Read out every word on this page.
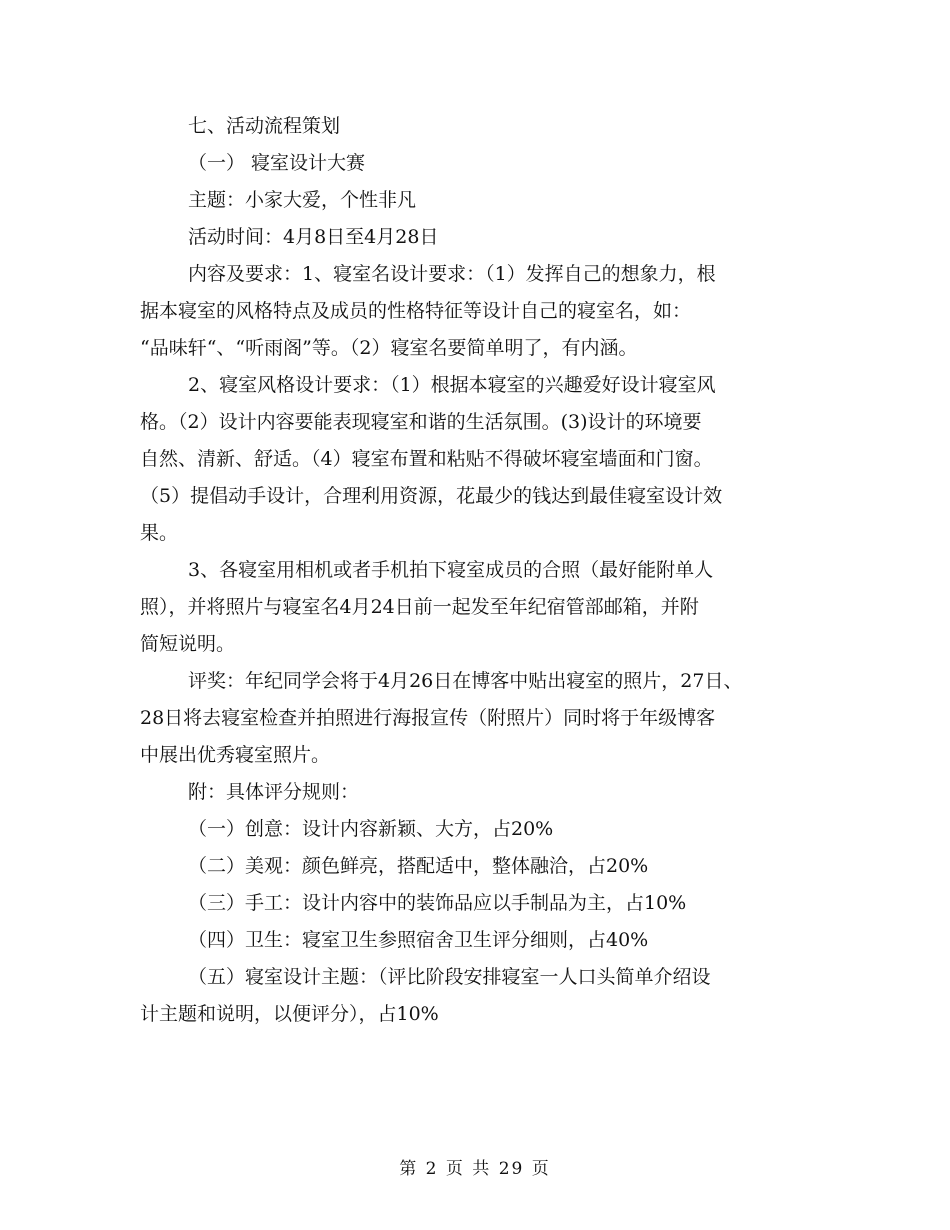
七、活动流程策划
（一） 寝室设计大赛
主题：小家大爱，个性非凡
活动时间：4月8日至4月28日
内容及要求：1、寝室名设计要求：（1）发挥自己的想象力，根
据本寝室的风格特点及成员的性格特征等设计自己的寝室名，如：
“品味轩“、“听雨阁”等。（2）寝室名要简单明了，有内涵。
2、寝室风格设计要求：（1）根据本寝室的兴趣爱好设计寝室风
格。（2）设计内容要能表现寝室和谐的生活氛围。(3)设计的环境要
自然、清新、舒适。（4）寝室布置和粘贴不得破坏寝室墙面和门窗。
（5）提倡动手设计，合理利用资源，花最少的钱达到最佳寝室设计效
果。
3、各寝室用相机或者手机拍下寝室成员的合照（最好能附单人
照），并将照片与寝室名4月24日前一起发至年纪宿管部邮箱，并附
简短说明。
评奖：年纪同学会将于4月26日在博客中贴出寝室的照片，27日、
28日将去寝室检查并拍照进行海报宣传（附照片）同时将于年级博客
中展出优秀寝室照片。
附：具体评分规则：
（一）创意：设计内容新颖、大方，占20%
（二）美观：颜色鲜亮，搭配适中，整体融洽，占20%
（三）手工：设计内容中的装饰品应以手制品为主，占10%
（四）卫生：寝室卫生参照宿舍卫生评分细则，占40%
（五）寝室设计主题：（评比阶段安排寝室一人口头简单介绍设
计主题和说明，以便评分），占10%
第 2 页 共 29 页
